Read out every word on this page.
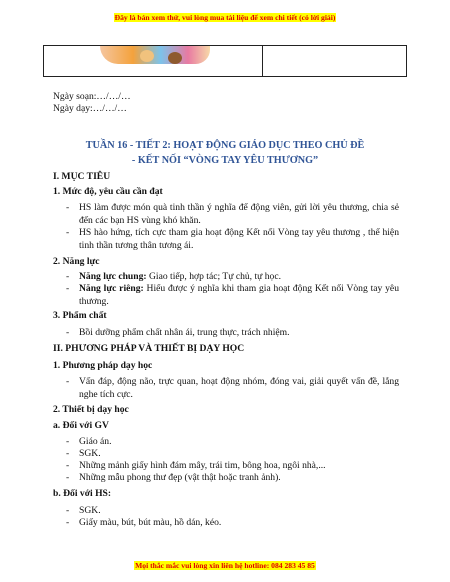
Đây là bản xem thử, vui lòng mua tài liệu để xem chi tiết (có lời giải)
Ngày soạn:…/…/…
Ngày dạy:…/…/…
TUẦN 16 - TIẾT 2: HOẠT ĐỘNG GIÁO DỤC THEO CHỦ ĐỀ
- KẾT NỐI “VÒNG TAY YÊU THƯƠNG”
I. MỤC TIÊU
1. Mức độ, yêu cầu cần đạt
- HS làm được món quà tinh thần ý nghĩa để động viên, gửi lời yêu thương, chia sẻ đến các bạn HS vùng khó khăn.
- HS hào hứng, tích cực tham gia hoạt động Kết nối Vòng tay yêu thương , thể hiện tinh thần tương thân tương ái.
2. Năng lực
- Năng lực chung: Giao tiếp, hợp tác; Tự chủ, tự học.
- Năng lực riêng: Hiểu được ý nghĩa khi tham gia hoạt động Kết nối Vòng tay yêu thương.
3. Phẩm chất
- Bồi dưỡng phẩm chất nhân ái, trung thực, trách nhiệm.
II. PHƯƠNG PHÁP VÀ THIẾT BỊ DẠY HỌC
1. Phương pháp dạy học
- Vấn đáp, động não, trực quan, hoạt động nhóm, đóng vai, giải quyết vấn đề, lắng nghe tích cực.
2. Thiết bị dạy học
a. Đối với GV
- Giáo án.
- SGK.
- Những mảnh giấy hình đám mây, trái tim, bông hoa, ngôi nhà,...
- Những mẫu phong thư đẹp (vật thật hoặc tranh ảnh).
b. Đối với HS:
- SGK.
- Giấy màu, bút, bút màu, hồ dán, kéo.
Mọi thắc mắc vui lòng xin liên hệ hotline: 084 283 45 85
